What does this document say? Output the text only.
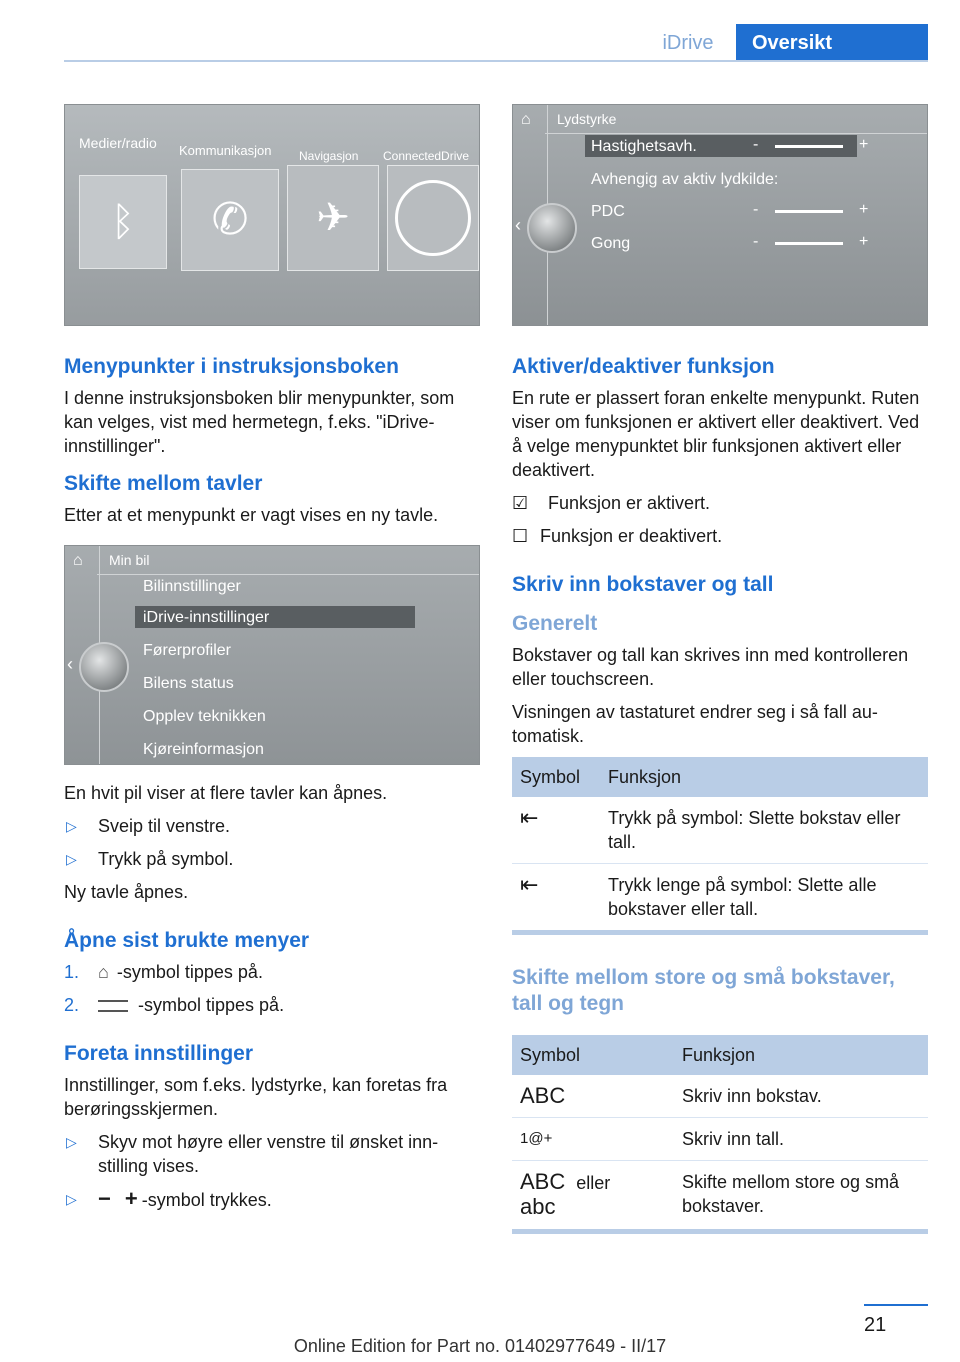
iDrive	Oversikt
Medier/radio Kommunikasjon Navigasjon ConnectedDrive
ᛒ	✆	✈
Menypunkter i instruksjonsboken

I denne instruksjonsboken blir menypunkter, som kan velges, vist med hermetegn, f.eks. "iDrive-innstillinger".

Skifte mellom tavler

Etter at et menypunkt er vagt vises en ny tavle.

⌂ Min bil
Bilinnstillinger
iDrive-innstillinger
Førerprofiler
Bilens status
Opplev teknikken
Kjøreinformasjon
‹

En hvit pil viser at flere tavler kan åpnes.

▷ Sveip til venstre.
▷ Trykk på symbol.

Ny tavle åpnes.

Åpne sist brukte menyer
1. ⌂ -symbol tippes på.
2.	-symbol tippes på.
Foreta innstillinger

Innstillinger, som f.eks. lydstyrke, kan foretas fra berøringsskjermen.

▷ Skyv mot høyre eller venstre til ønsket innstilling vises.
▷ − + -symbol trykkes.
⌂ Lydstyrke
Hastighetsavh.	-	+
Avhengig av aktiv lydkilde:
PDC	-	+
Gong	-	+
‹
Aktiver/deaktiver funksjon

En rute er plassert foran enkelte menypunkt. Ruten viser om funksjonen er aktivert eller deaktivert. Ved å velge menypunktet blir funksjonen aktivert eller deaktivert.

☑ Funksjon er aktivert.

☐ Funksjon er deaktivert.

Skriv inn bokstaver og tall
Generelt

Bokstaver og tall kan skrives inn med kontrolleren eller touchscreen.

Visningen av tastaturet endrer seg i så fall automatisk.

Symbol	Funksjon
⇤	Trykk på symbol: Slette bokstav eller tall.
⇤	Trykk lenge på symbol: Slette alle bokstaver eller tall.
Skifte mellom store og små bokstaver, tall og tegn
Symbol	Funksjon
ABC	Skriv inn bokstav.
1@+	Skriv inn tall.
ABC eller
abc	Skifte mellom store og små bokstaver.
21
Online Edition for Part no. 01402977649 - II/17
